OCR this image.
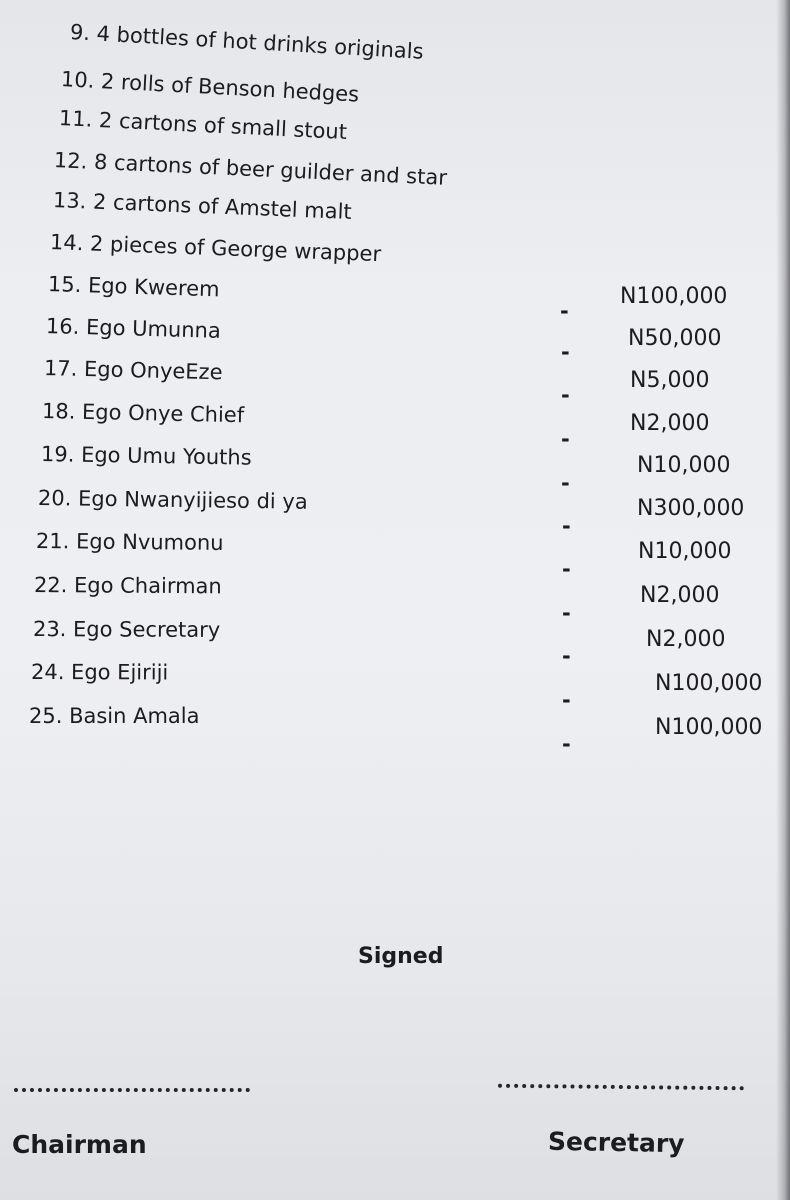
9. 4 bottles of hot drinks originals
10. 2 rolls of Benson hedges
11. 2 cartons of small stout
12. 8 cartons of beer guilder and star
13. 2 cartons of Amstel malt
14. 2 pieces of George wrapper
15. Ego Kwerem
16. Ego Umunna
17. Ego OnyeEze
18. Ego Onye Chief
19. Ego Umu Youths
20. Ego Nwanyijieso di ya
21. Ego Nvumonu
22. Ego Chairman
23. Ego Secretary
24. Ego Ejiriji
25. Basin Amala
-
-
-
-
-
-
-
-
-
-
-
N100,000
N50,000
N5,000
N2,000
N10,000
N300,000
N10,000
N2,000
N2,000
N100,000
N100,000
Signed
Chairman	Secretary
